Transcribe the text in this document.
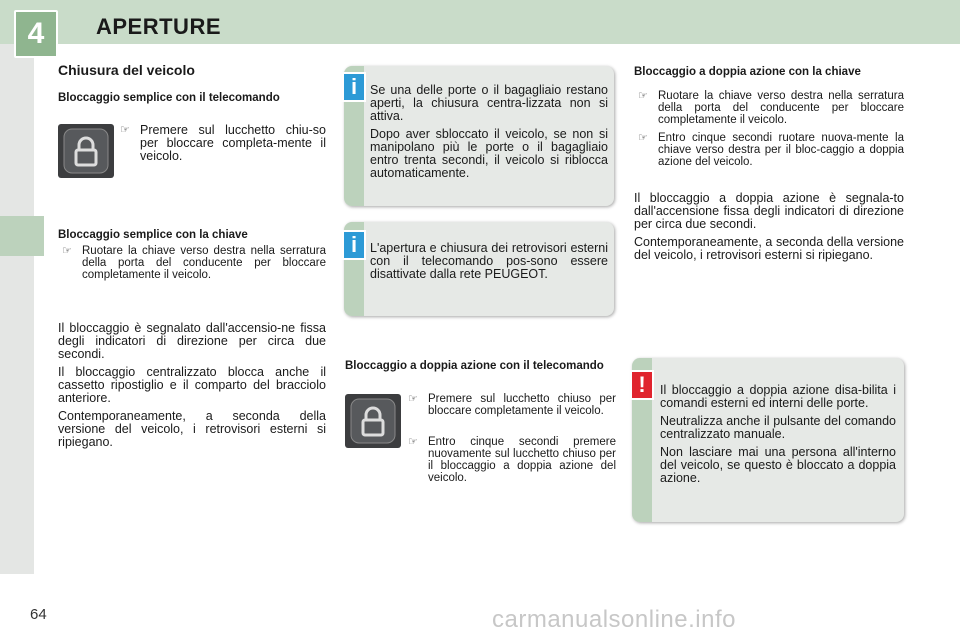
4	APERTURE
Chiusura del veicolo
Bloccaggio semplice con il telecomando
☞ Premere sul lucchetto chiu-so per bloccare completa-mente il veicolo.
Bloccaggio semplice con la chiave
☞ Ruotare la chiave verso destra nella serratura della porta del conducente per bloccare completamente il veicolo.
Il bloccaggio è segnalato dall'accensio-ne fissa degli indicatori di direzione per circa due secondi.
Il bloccaggio centralizzato blocca anche il cassetto ripostiglio e il comparto del bracciolo anteriore.
Contemporaneamente, a seconda della versione del veicolo, i retrovisori esterni si ripiegano.
Se una delle porte o il bagagliaio restano aperti, la chiusura centra-lizzata non si attiva.
Dopo aver sbloccato il veicolo, se non si manipolano più le porte o il bagagliaio entro trenta secondi, il veicolo si riblocca automaticamente.
i
L'apertura e chiusura dei retrovisori esterni con il telecomando pos-sono essere disattivate dalla rete PEUGEOT.
i
Bloccaggio a doppia azione con il telecomando
☞ Premere sul lucchetto chiuso per bloccare completamente il veicolo.
☞ Entro cinque secondi premere nuovamente sul lucchetto chiuso per il bloccaggio a doppia azione del veicolo.
Bloccaggio a doppia azione con la chiave
☞ Ruotare la chiave verso destra nella serratura della porta del conducente per bloccare completamente il veicolo.
☞ Entro cinque secondi ruotare nuova-mente la chiave verso destra per il bloc-caggio a doppia azione del veicolo.
Il bloccaggio a doppia azione è segnala-to dall'accensione fissa degli indicatori di direzione per circa due secondi.
Contemporaneamente, a seconda della versione del veicolo, i retrovisori esterni si ripiegano.
Il bloccaggio a doppia azione disa-bilita i comandi esterni ed interni delle porte.
Neutralizza anche il pulsante del comando centralizzato manuale.
Non lasciare mai una persona all'interno del veicolo, se questo è bloccato a doppia azione.
!
64	carmanualsonline.info
